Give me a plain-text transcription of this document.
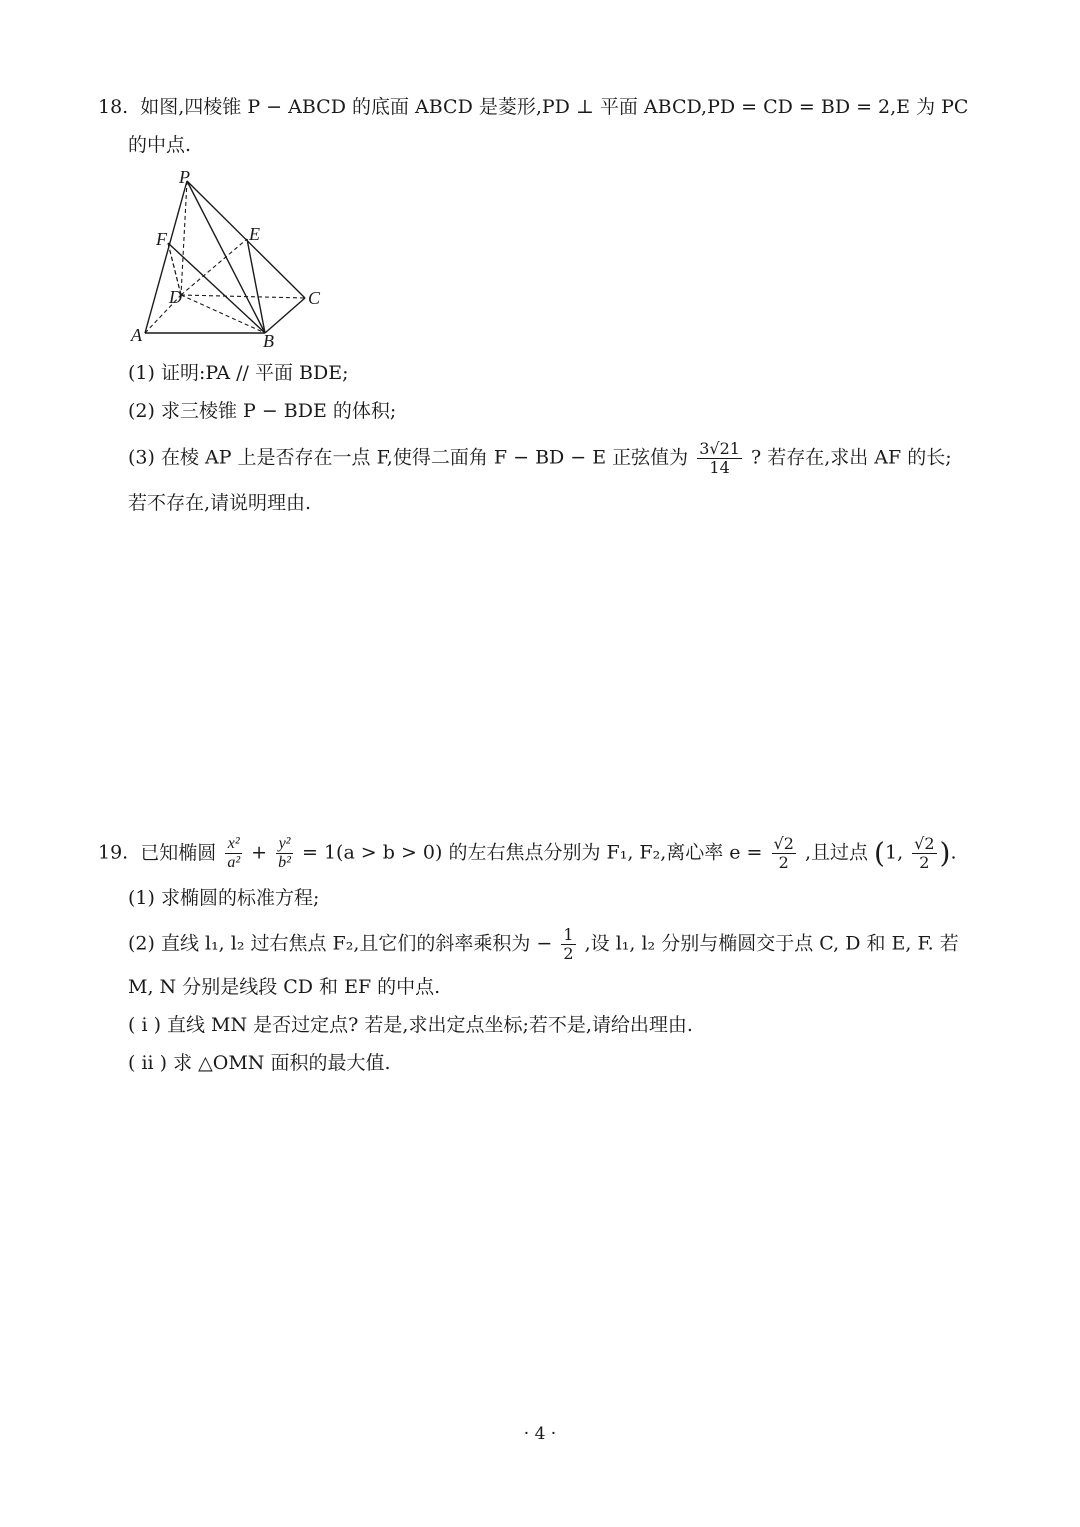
18. 如图,四棱锥 P − ABCD 的底面 ABCD 是菱形,PD ⊥ 平面 ABCD,PD = CD = BD = 2,E 为 PC
的中点.
P
F	E
D	C
A	B
(1) 证明:PA // 平面 BDE;
(2) 求三棱锥 P − BDE 的体积;
(3) 在棱 AP 上是否存在一点 F,使得二面角 F − BD − E 正弦值为 $\frac{3√21}{14}$ ? 若存在,求出 AF 的长;
若不存在,请说明理由.
19. 已知椭圆 $\frac{\text{x²}}{\text{a²}} + \frac{\text{y²}}{\text{b²}} = 1(a > b > 0)$ 的左右焦点分别为 F₁, F₂,离心率 $e = \frac{√2}{2}$ ,且过点 (1, $\frac{√2}{2}$ ).
(1) 求椭圆的标准方程;
(2) 直线 l₁, l₂ 过右焦点 F₂,且它们的斜率乘积为 − $\frac{1}{2}$ ,设 l₁, l₂ 分别与椭圆交于点 C, D 和 E, F. 若
M, N 分别是线段 CD 和 EF 的中点.
( i ) 直线 MN 是否过定点? 若是,求出定点坐标;若不是,请给出理由.
( ii ) 求 △OMN 面积的最大值.
· 4 ·
